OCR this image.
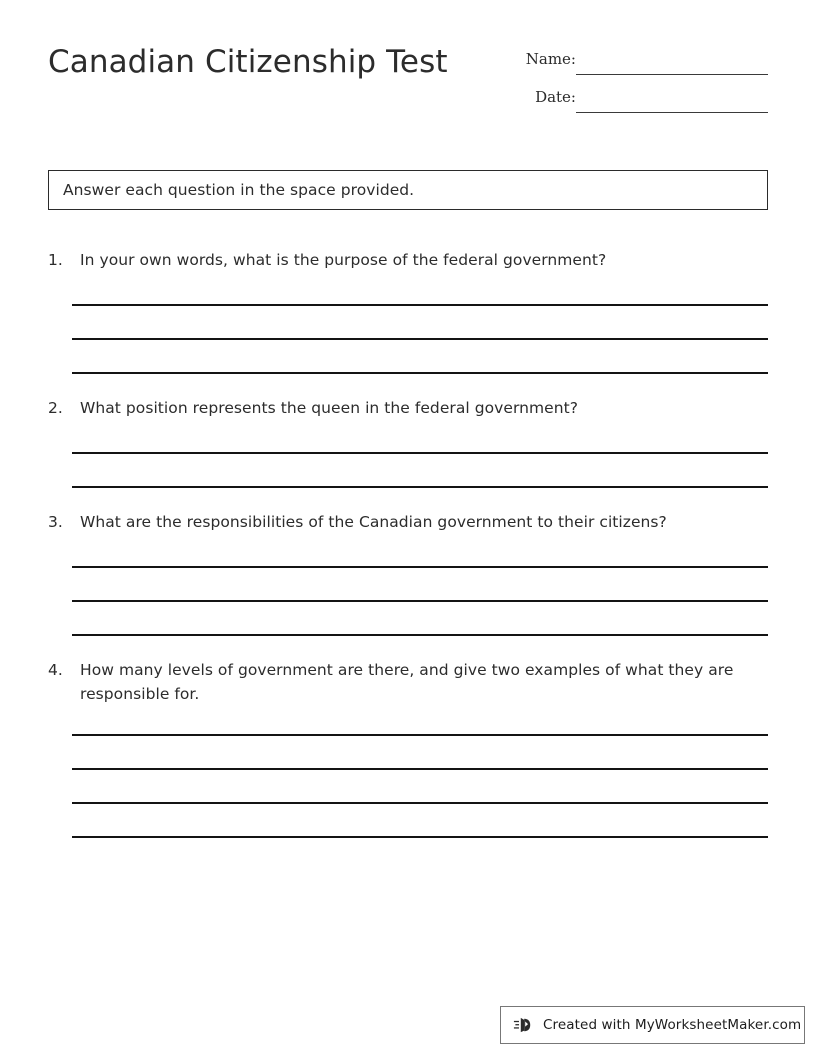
Canadian Citizenship Test	Name:
Date:
Answer each question in the space provided.
1.	In your own words, what is the purpose of the federal government?
2.	What position represents the queen in the federal government?
3.	What are the responsibilities of the Canadian government to their citizens?
4.	How many levels of government are there, and give two examples of what they are responsible for.
Created with MyWorksheetMaker.com
